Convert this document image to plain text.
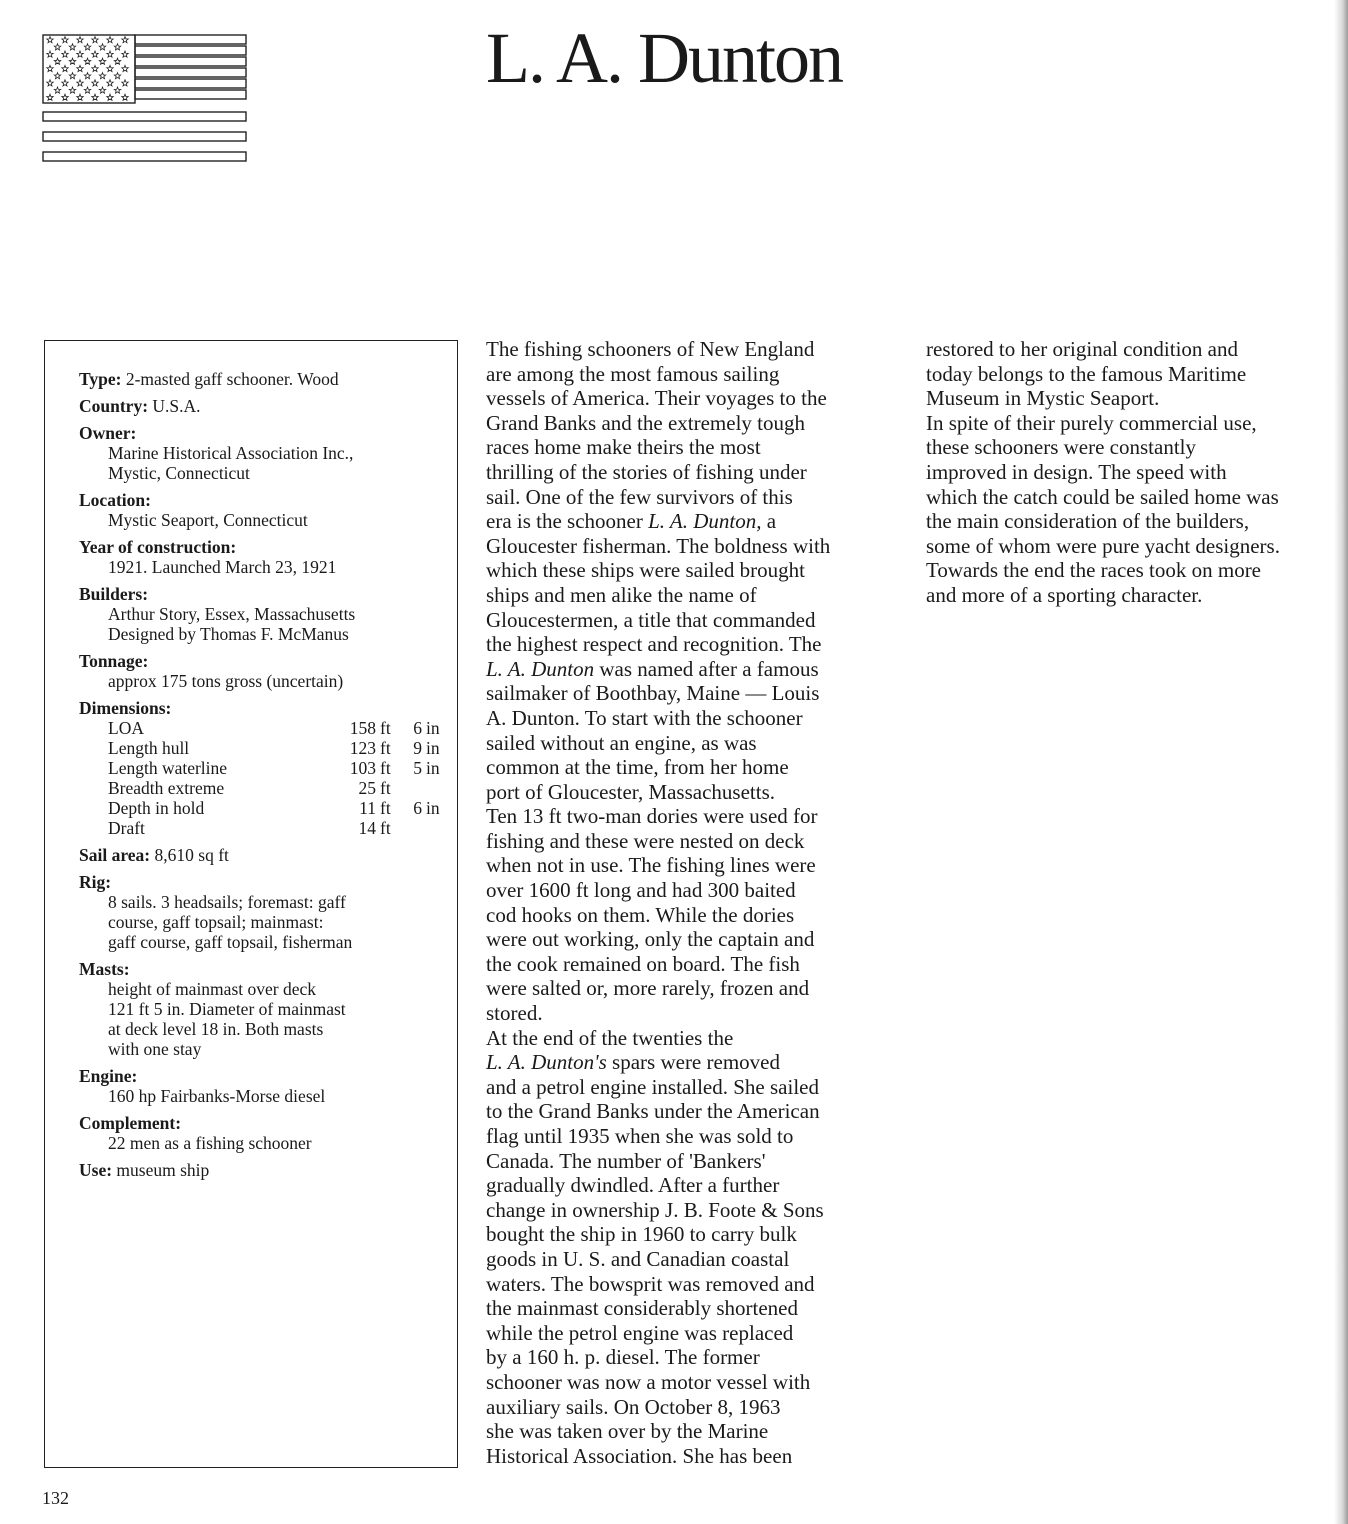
L. A. Dunton
Type: 2-masted gaff schooner. Wood
Country: U.S.A.
Owner:
Marine Historical Association Inc.,
Mystic, Connecticut
Location:
Mystic Seaport, Connecticut
Year of construction:
1921. Launched March 23, 1921
Builders:
Arthur Story, Essex, Massachusetts
Designed by Thomas F. McManus
Tonnage:
approx 175 tons gross (uncertain)
Dimensions:
LOA	158	ft	6	in
Length hull	123	ft	9	in
Length waterline	103	ft	5	in
Breadth extreme	25	ft		
Depth in hold	11	ft	6	in
Draft	14	ft		
Sail area: 8,610 sq ft
Rig:
8 sails. 3 headsails; foremast: gaff
course, gaff topsail; mainmast:
gaff course, gaff topsail, fisherman
Masts:
height of mainmast over deck
121 ft 5 in. Diameter of mainmast
at deck level 18 in. Both masts
with one stay
Engine:
160 hp Fairbanks-Morse diesel
Complement:
22 men as a fishing schooner
Use: museum ship

The fishing schooners of New England

are among the most famous sailing

vessels of America. Their voyages to the

Grand Banks and the extremely tough

races home make theirs the most

thrilling of the stories of fishing under

sail. One of the few survivors of this

era is the schooner L. A. Dunton, a

Gloucester fisherman. The boldness with

which these ships were sailed brought

ships and men alike the name of

Gloucestermen, a title that commanded

the highest respect and recognition. The

L. A. Dunton was named after a famous

sailmaker of Boothbay, Maine — Louis

A. Dunton. To start with the schooner

sailed without an engine, as was

common at the time, from her home

port of Gloucester, Massachusetts.

Ten 13 ft two-man dories were used for

fishing and these were nested on deck

when not in use. The fishing lines were

over 1600 ft long and had 300 baited

cod hooks on them. While the dories

were out working, only the captain and

the cook remained on board. The fish

were salted or, more rarely, frozen and

stored.

At the end of the twenties the

L. A. Dunton's spars were removed

and a petrol engine installed. She sailed

to the Grand Banks under the American

flag until 1935 when she was sold to

Canada. The number of 'Bankers'

gradually dwindled. After a further

change in ownership J. B. Foote & Sons

bought the ship in 1960 to carry bulk

goods in U. S. and Canadian coastal

waters. The bowsprit was removed and

the mainmast considerably shortened

while the petrol engine was replaced

by a 160 h. p. diesel. The former

schooner was now a motor vessel with

auxiliary sails. On October 8, 1963

she was taken over by the Marine

Historical Association. She has been

restored to her original condition and

today belongs to the famous Maritime

Museum in Mystic Seaport.

In spite of their purely commercial use,

these schooners were constantly

improved in design. The speed with

which the catch could be sailed home was

the main consideration of the builders,

some of whom were pure yacht designers.

Towards the end the races took on more

and more of a sporting character.

132
